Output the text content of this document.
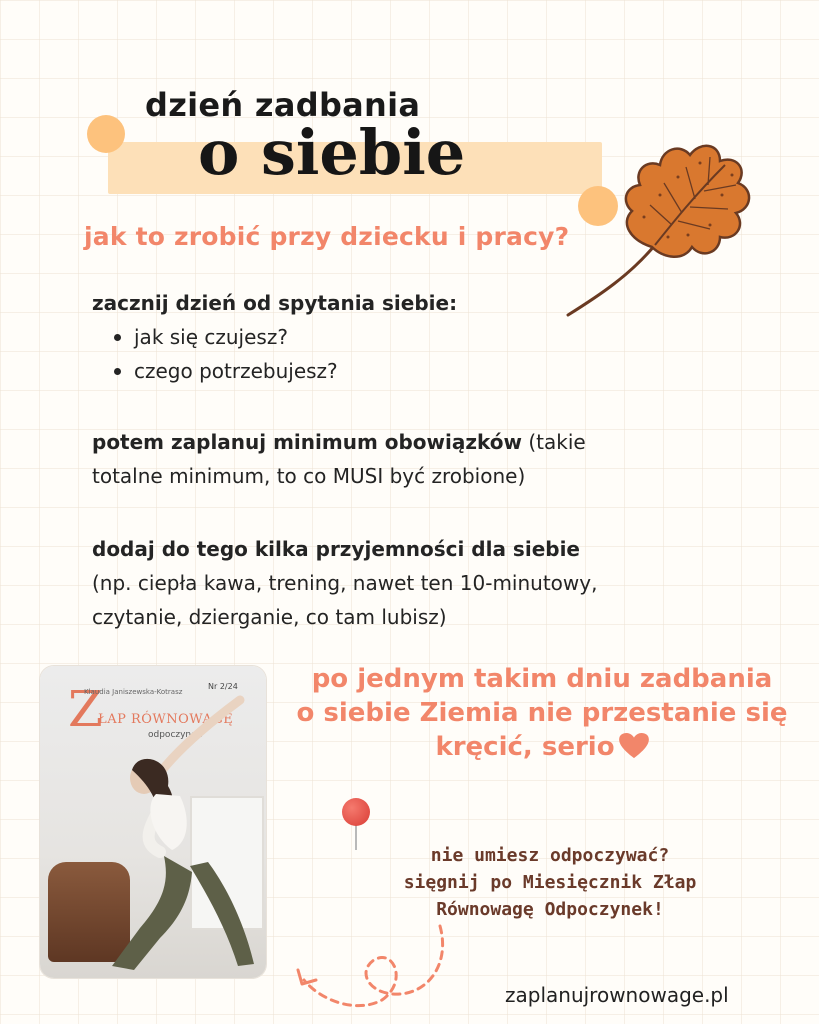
dzień zadbania
o siebie
jak to zrobić przy dziecku i pracy?
zacznij dzień od spytania siebie:
jak się czujesz?
czego potrzebujesz?
potem zaplanuj minimum obowiązków (takie totalne minimum, to co MUSI być zrobione)
dodaj do tego kilka przyjemności dla siebie
(np. ciepła kawa, trening, nawet ten 10-minutowy, czytanie, dzierganie, co tam lubisz)
po jednym takim dniu zadbania
o siebie Ziemia nie przestanie się
kręcić, serio
Z
Klaudia Janiszewska-Kotrasz
Nr 2/24
ŁAP RÓWNOWAGĘ
odpoczynek
nie umiesz odpoczywać?
sięgnij po Miesięcznik Złap
Równowagę Odpoczynek!
zaplanujrownowage.pl
